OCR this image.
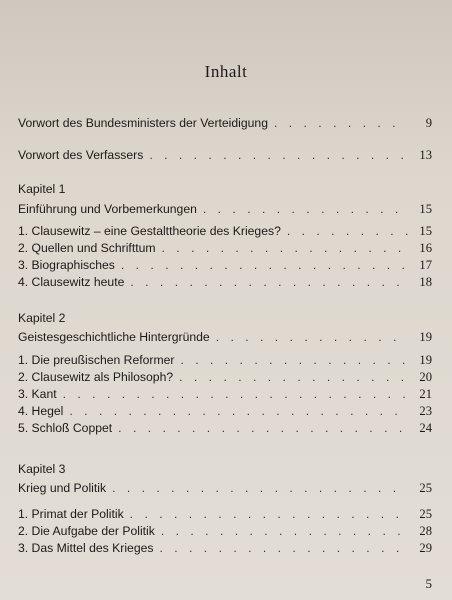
Inhalt
Vorwort des Bundesministers der Verteidigung . . .	9
Vorwort des Verfassers . . .	13
Kapitel 1
Einführung und Vorbemerkungen . . .	15
1. Clausewitz – eine Gestalttheorie des Krieges? . . .	15
2. Quellen und Schrifttum . . .	16
3. Biographisches . . .	17
4. Clausewitz heute . . .	18
Kapitel 2
Geistesgeschichtliche Hintergründe . . .	19
1. Die preußischen Reformer . . .	19
2. Clausewitz als Philosoph? . . .	20
3. Kant . . .	21
4. Hegel . . .	23
5. Schloß Coppet . . .	24
Kapitel 3
Krieg und Politik . . .	25
1. Primat der Politik . . .	25
2. Die Aufgabe der Politik . . .	28
3. Das Mittel des Krieges . . .	29
5
